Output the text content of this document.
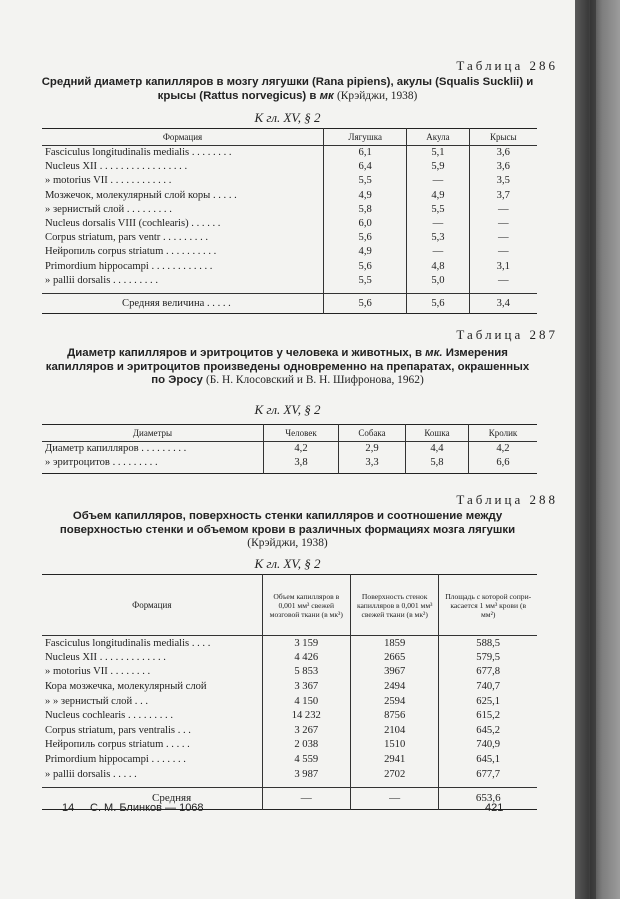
Таблица 286
Средний диаметр капилляров в мозгу лягушки (Rana pipiens), акулы (Squalis Sucklii) и крысы (Rattus norvegicus) в мк (Крэйджи, 1938)
К гл. XV, § 2
Формация	Лягушка	Акула	Крысы
Fasciculus longitudinalis medialis . . . . . . . .	6,1	5,1	3,6
Nucleus XII . . . . . . . . . . . . . . . . .	6,4	5,9	3,6
» motorius VII . . . . . . . . . . . .	5,5	—	3,5
Мозжечок, молекулярный слой коры . . . . .	4,9	4,9	3,7
» зернистый слой . . . . . . . . .	5,8	5,5	—
Nucleus dorsalis VIII (cochlearis) . . . . . .	6,0	—	—
Corpus striatum, pars ventr . . . . . . . . .	5,6	5,3	—
Нейропиль corpus striatum . . . . . . . . . .	4,9	—	—
Primordium hippocampi . . . . . . . . . . . .	5,6	4,8	3,1
» pallii dorsalis . . . . . . . . .	5,5	5,0	—

Средняя величина . . . . .	5,6	5,6	3,4
Таблица 287
Диаметр капилляров и эритроцитов у человека и животных, в мк. Измерения капилляров и эритроцитов произведены одновременно на препаратах, окрашенных по Эросу (Б. Н. Клосовский и В. Н. Шифронова, 1962)
К гл. XV, § 2
Диаметры	Человек	Собака	Кошка	Кролик
Диаметр капилляров . . . . . . . . .	4,2	2,9	4,4	4,2
» эритроцитов . . . . . . . . .	3,8	3,3	5,8	6,6

Таблица 288
Объем капилляров, поверхность стенки капилляров и соотношение между поверхностью стенки и объемом крови в различных формациях мозга лягушки (Крэйджи, 1938)
К гл. XV, § 2
Формация	Объем капилляров в 0,001 мм³ свежей мозговой ткани (в мк³)	Поверхность стенок капилляров в 0,001 мм³ свежей ткани (в мк²)	Площадь с которой сопри-касается 1 мм³ крови (в мм²)
Fasciculus longitudinalis medialis . . . .	3 159	1859	588,5
Nucleus XII . . . . . . . . . . . . .	4 426	2665	579,5
» motorius VII . . . . . . . .	5 853	3967	677,8
Кора мозжечка, молекулярный слой	3 367	2494	740,7
» » зернистый слой . . .	4 150	2594	625,1
Nucleus cochlearis . . . . . . . . .	14 232	8756	615,2
Corpus striatum, pars ventralis . . .	3 267	2104	645,2
Нейропиль corpus striatum . . . . .	2 038	1510	740,9
Primordium hippocampi . . . . . . .	4 559	2941	645,1
» pallii dorsalis . . . . .	3 987	2702	677,7

Средняя	—	—	653,6
14 С. М. Блинков — 1068	421
